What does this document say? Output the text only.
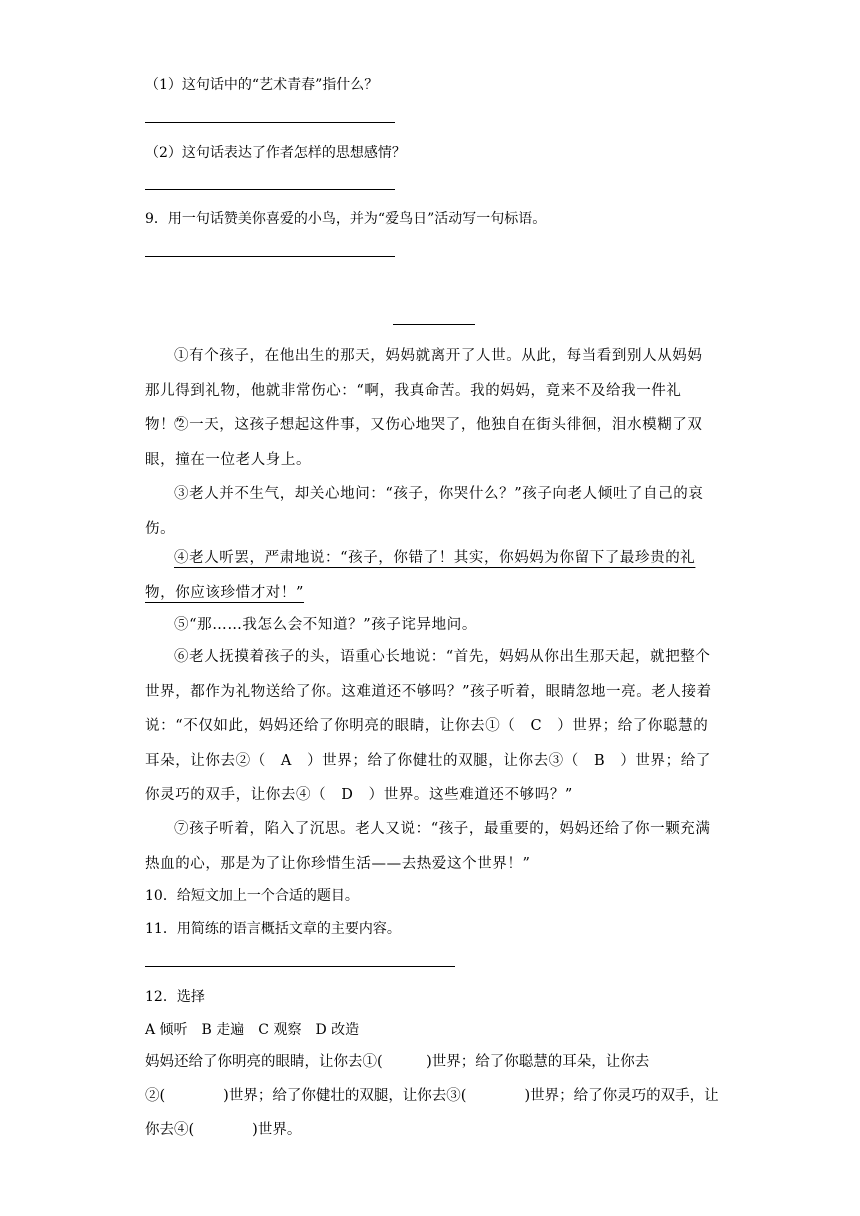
（1）这句话中的“艺术青春”指什么？
（2）这句话表达了作者怎样的思想感情？
9．用一句话赞美你喜爱的小鸟，并为“爱鸟日”活动写一句标语。
①有个孩子，在他出生的那天，妈妈就离开了人世。从此，每当看到别人从妈妈那儿得到礼物，他就非常伤心：“啊，我真命苦。我的妈妈，竟来不及给我一件礼物！”
②一天，这孩子想起这件事，又伤心地哭了，他独自在街头徘徊，泪水模糊了双眼，撞在一位老人身上。
③老人并不生气，却关心地问：“孩子，你哭什么？”孩子向老人倾吐了自己的哀伤。
④老人听罢，严肃地说：“孩子，你错了！其实，你妈妈为你留下了最珍贵的礼物，你应该珍惜才对！”
⑤“那……我怎么会不知道？”孩子诧异地问。
⑥老人抚摸着孩子的头，语重心长地说：“首先，妈妈从你出生那天起，就把整个世界，都作为礼物送给了你。这难道还不够吗？”孩子听着，眼睛忽地一亮。老人接着说：“不仅如此，妈妈还给了你明亮的眼睛，让你去①（　C　）世界；给了你聪慧的耳朵，让你去②（　A　）世界；给了你健壮的双腿，让你去③（　B　）世界；给了你灵巧的双手，让你去④（　D　）世界。这些难道还不够吗？”
⑦孩子听着，陷入了沉思。老人又说：“孩子，最重要的，妈妈还给了你一颗充满热血的心，那是为了让你珍惜生活——去热爱这个世界！”
10．给短文加上一个合适的题目。
11．用简练的语言概括文章的主要内容。
12．选择
A 倾听　B 走遍　C 观察　D 改造
妈妈还给了你明亮的眼睛，让你去①(　　　)世界；给了你聪慧的耳朵，让你去②(　　　　)世界；给了你健壮的双腿，让你去③(　　　　)世界；给了你灵巧的双手，让你去④(　　　　)世界。
